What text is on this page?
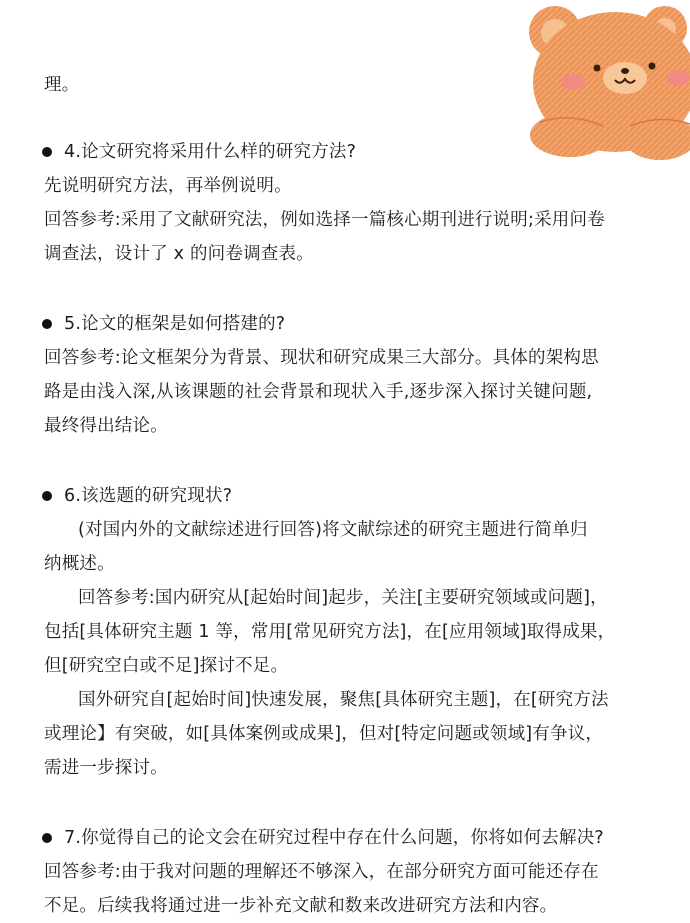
理。
4.论文研究将采用什么样的研究方法?
先说明研究方法，再举例说明。
回答参考:采用了文献研究法，例如选择一篇核心期刊进行说明;采用问卷
调查法，设计了 x 的问卷调查表。
5.论文的框架是如何搭建的?
回答参考:论文框架分为背景、现状和研究成果三大部分。具体的架构思
路是由浅入深,从该课题的社会背景和现状入手,逐步深入探讨关键问题,
最终得出结论。
6.该选题的研究现状?
(对国内外的文献综述进行回答)将文献综述的研究主题进行简单归
纳概述。
回答参考:国内研究从[起始时间]起步，关注[主要研究领域或问题]，
包括[具体研究主题 1 等，常用[常见研究方法]，在[应用领域]取得成果，
但[研究空白或不足]探讨不足。
国外研究自[起始时间]快速发展，聚焦[具体研究主题]，在[研究方法
或理论】有突破，如[具体案例或成果]，但对[特定问题或领域]有争议，
需进一步探讨。
7.你觉得自己的论文会在研究过程中存在什么问题，你将如何去解决?
回答参考:由于我对问题的理解还不够深入，在部分研究方面可能还存在
不足。后续我将通过进一步补充文献和数来改进研究方法和内容。
